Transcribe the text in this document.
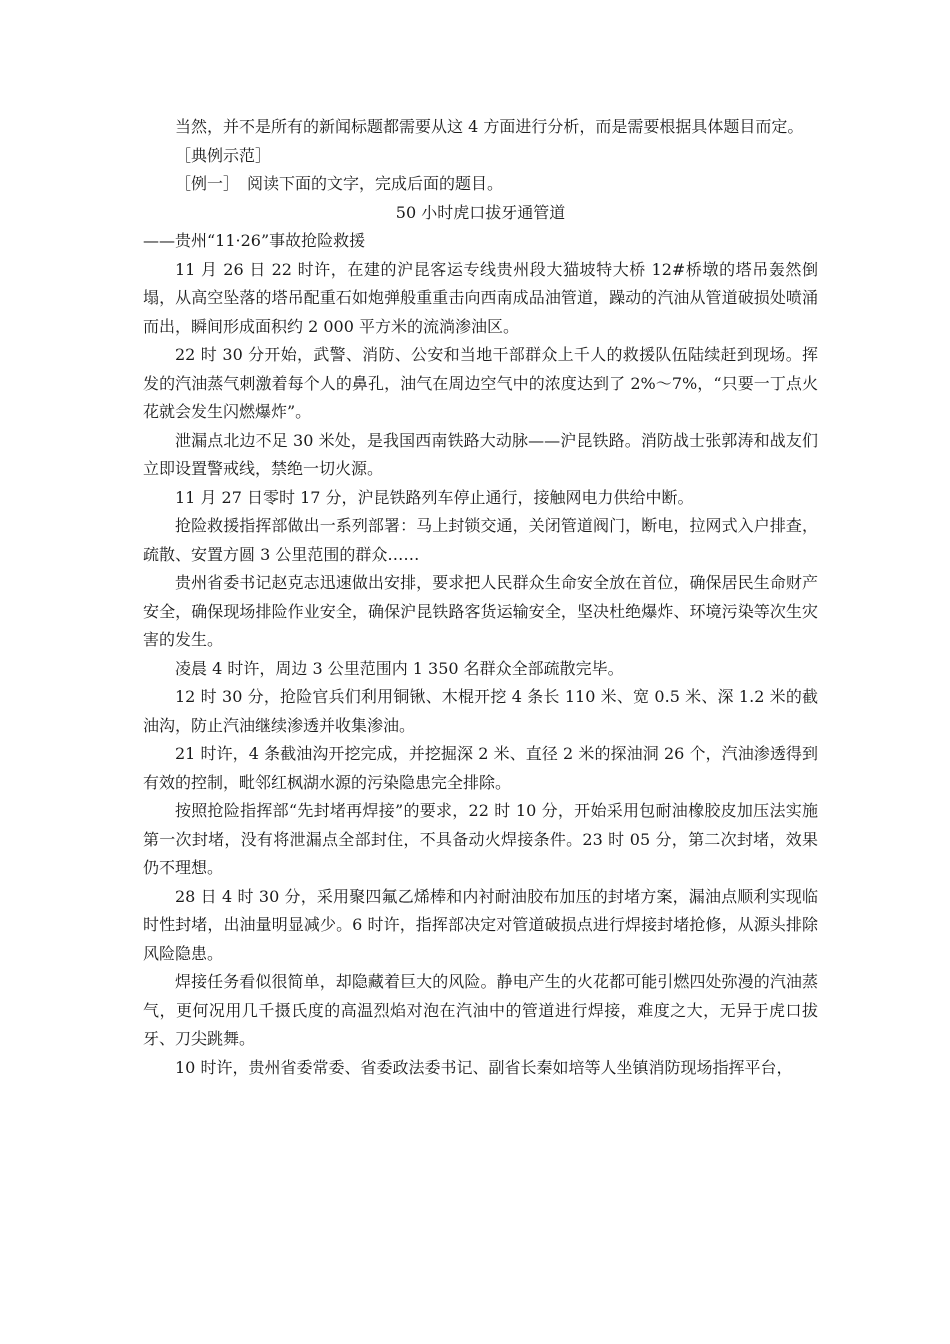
当然，并不是所有的新闻标题都需要从这 4 方面进行分析，而是需要根据具体题目而定。

［典例示范］

［例一］　阅读下面的文字，完成后面的题目。

50 小时虎口拔牙通管道

——贵州“11·26”事故抢险救援

11 月 26 日 22 时许，在建的沪昆客运专线贵州段大猫坡特大桥 12#桥墩的塔吊轰然倒塌，从高空坠落的塔吊配重石如炮弹般重重击向西南成品油管道，躁动的汽油从管道破损处喷涌而出，瞬间形成面积约 2 000 平方米的流淌渗油区。

22 时 30 分开始，武警、消防、公安和当地干部群众上千人的救援队伍陆续赶到现场。挥发的汽油蒸气刺激着每个人的鼻孔，油气在周边空气中的浓度达到了 2%～7%，“只要一丁点火花就会发生闪燃爆炸”。

泄漏点北边不足 30 米处，是我国西南铁路大动脉——沪昆铁路。消防战士张郭涛和战友们立即设置警戒线，禁绝一切火源。

11 月 27 日零时 17 分，沪昆铁路列车停止通行，接触网电力供给中断。

抢险救援指挥部做出一系列部署：马上封锁交通，关闭管道阀门，断电，拉网式入户排查，疏散、安置方圆 3 公里范围的群众……

贵州省委书记赵克志迅速做出安排，要求把人民群众生命安全放在首位，确保居民生命财产安全，确保现场排险作业安全，确保沪昆铁路客货运输安全，坚决杜绝爆炸、环境污染等次生灾害的发生。

凌晨 4 时许，周边 3 公里范围内 1 350 名群众全部疏散完毕。

12 时 30 分，抢险官兵们利用铜锹、木棍开挖 4 条长 110 米、宽 0.5 米、深 1.2 米的截油沟，防止汽油继续渗透并收集渗油。

21 时许，4 条截油沟开挖完成，并挖掘深 2 米、直径 2 米的探油洞 26 个，汽油渗透得到有效的控制，毗邻红枫湖水源的污染隐患完全排除。

按照抢险指挥部“先封堵再焊接”的要求，22 时 10 分，开始采用包耐油橡胶皮加压法实施第一次封堵，没有将泄漏点全部封住，不具备动火焊接条件。23 时 05 分，第二次封堵，效果仍不理想。

28 日 4 时 30 分，采用聚四氟乙烯棒和内衬耐油胶布加压的封堵方案，漏油点顺利实现临时性封堵，出油量明显减少。6 时许，指挥部决定对管道破损点进行焊接封堵抢修，从源头排除风险隐患。

焊接任务看似很简单，却隐藏着巨大的风险。静电产生的火花都可能引燃四处弥漫的汽油蒸气，更何况用几千摄氏度的高温烈焰对泡在汽油中的管道进行焊接，难度之大，无异于虎口拔牙、刀尖跳舞。

10 时许，贵州省委常委、省委政法委书记、副省长秦如培等人坐镇消防现场指挥平台，
